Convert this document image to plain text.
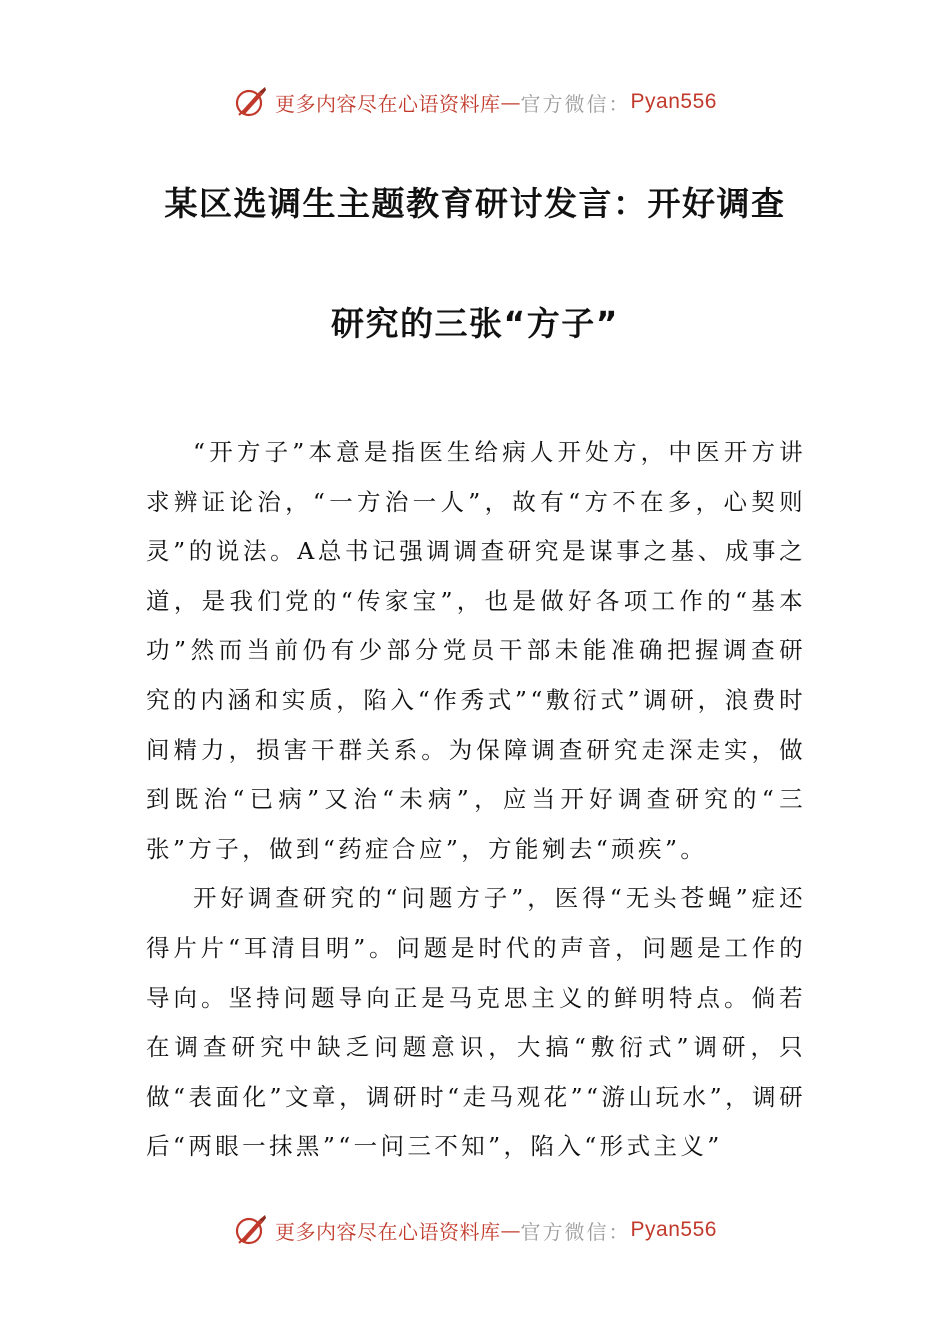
更多内容尽在心语资料库 — 官方微信： Pyan556
某区选调生主题教育研讨发言：开好调查
研究的三张“方子”

“开方子”本意是指医生给病人开处方，中医开方讲求辨证论治，“一方治一人”，故有“方不在多，心契则灵”的说法。A总书记强调调查研究是谋事之基、成事之道，是我们党的“传家宝”，也是做好各项工作的“基本功”然而当前仍有少部分党员干部未能准确把握调查研究的内涵和实质，陷入“作秀式”“敷衍式”调研，浪费时间精力，损害干群关系。为保障调查研究走深走实，做到既治“已病”又治“未病”，应当开好调查研究的“三张”方子，做到“药症合应”，方能剜去“顽疾”。

开好调查研究的“问题方子”，医得“无头苍蝇”症还得片片“耳清目明”。问题是时代的声音，问题是工作的导向。坚持问题导向正是马克思主义的鲜明特点。倘若在调查研究中缺乏问题意识，大搞“敷衍式”调研，只做“表面化”文章，调研时“走马观花”“游山玩水”，调研后“两眼一抹黑”“一问三不知”，陷入“形式主义”

更多内容尽在心语资料库 — 官方微信： Pyan556
